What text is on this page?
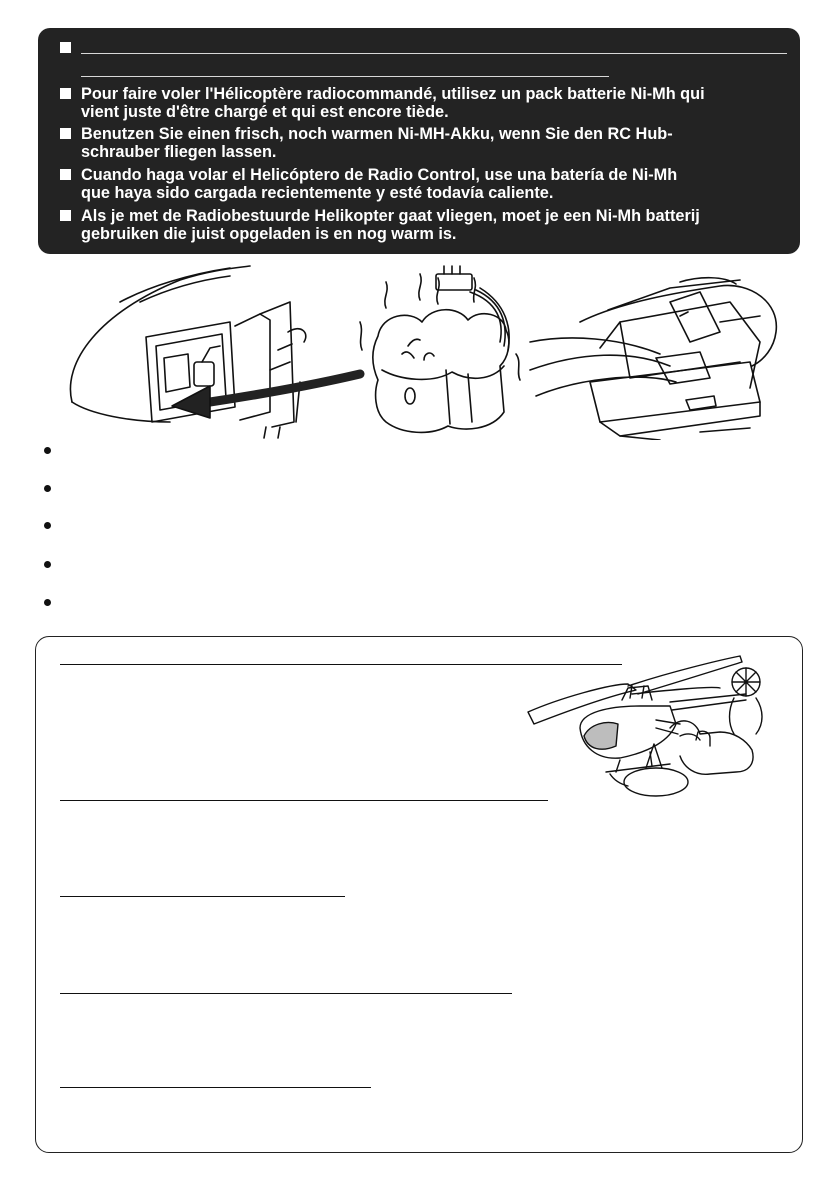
Pour faire voler l'Hélicoptère radiocommandé, utilisez un pack batterie Ni-Mh qui
vient juste d'être chargé et qui est encore tiède.
Benutzen Sie einen frisch, noch warmen Ni-MH-Akku, wenn Sie den RC Hub-
schrauber fliegen lassen.
Cuando haga volar el Helicóptero de Radio Control, use una batería de Ni-Mh
que haya sido cargada recientemente y esté todavía caliente.
Als je met de Radiobestuurde Helikopter gaat vliegen, moet je een Ni-Mh batterij
gebruiken die juist opgeladen is en nog warm is.
